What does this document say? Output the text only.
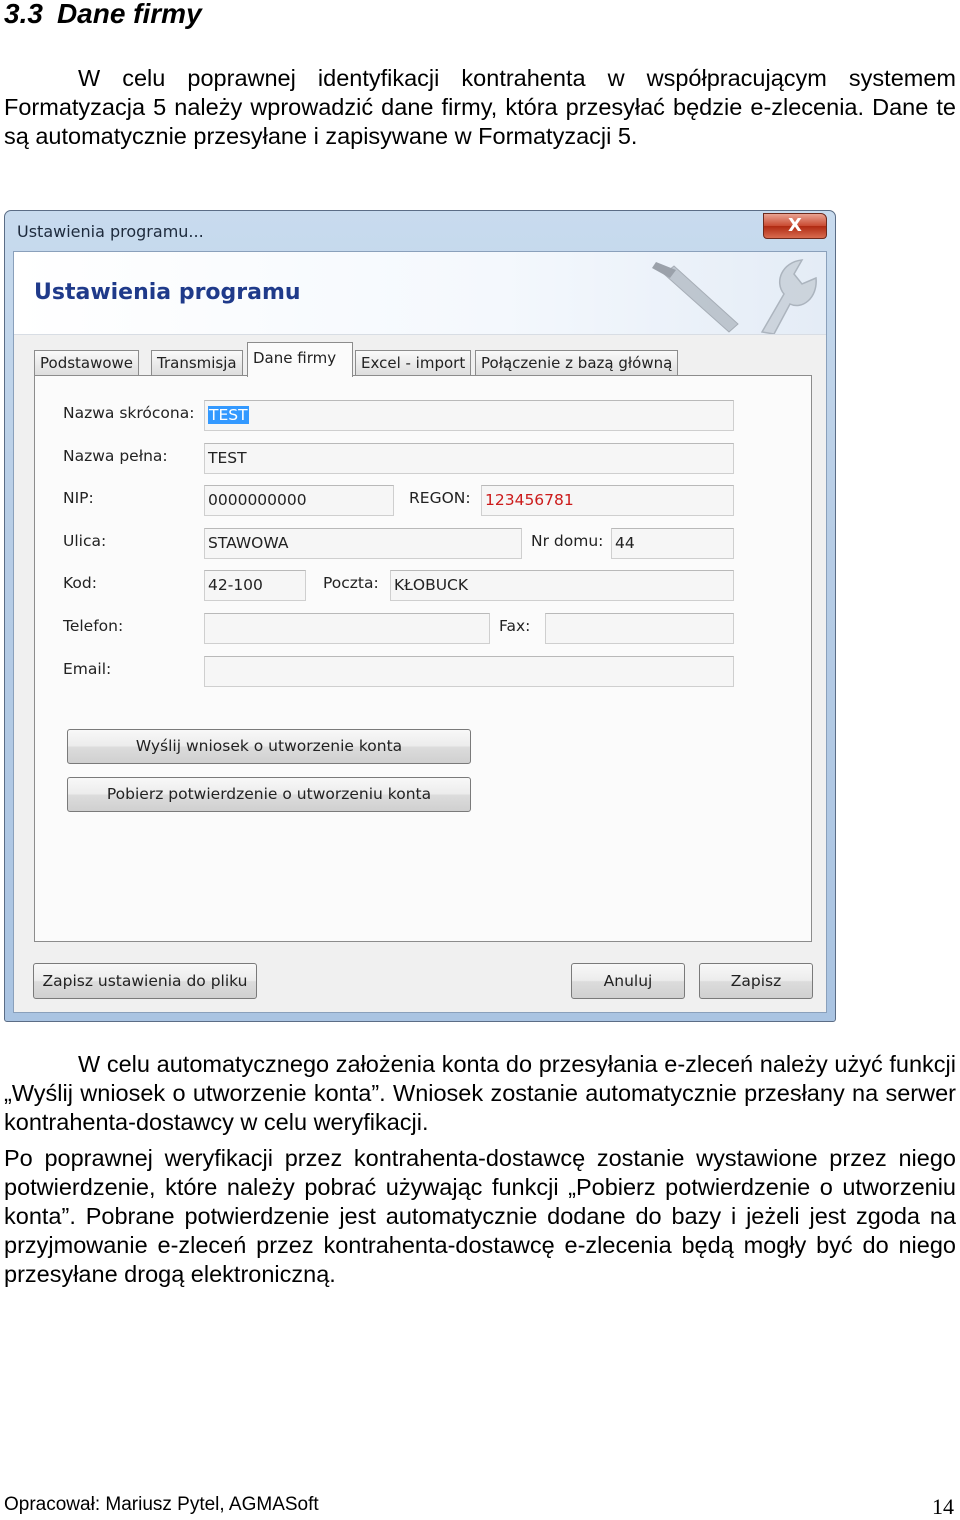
3.3 Dane firmy
W celu poprawnej identyfikacji kontrahenta w współpracującym systemem Formatyzacja 5 należy wprowadzić dane firmy, która przesyłać będzie e-zlecenia. Dane te są automatycznie przesyłane i zapisywane w Formatyzacji 5.
Ustawienia programu...	X
Ustawienia programu
Podstawowe	Transmisja	Dane firmy	Excel - import	Połączenie z bazą główną
Nazwa skrócona: TEST
Nazwa pełna:	TEST
NIP:	0000000000	REGON: 123456781
Ulica:	STAWOWA	Nr domu: 44
Kod:	42-100	Poczta: KŁOBUCK
Telefon:	Fax:
Email:
Wyślij wniosek o utworzenie konta
Pobierz potwierdzenie o utworzeniu konta
Zapisz ustawienia do pliku	Anuluj	Zapisz
W celu automatycznego założenia konta do przesyłania e-zleceń należy użyć funkcji „Wyślij wniosek o utworzenie konta”. Wniosek zostanie automatycznie przesłany na serwer kontrahenta-dostawcy w celu weryfikacji.
Po poprawnej weryfikacji przez kontrahenta-dostawcę zostanie wystawione przez niego potwierdzenie, które należy pobrać używając funkcji „Pobierz potwierdzenie o utworzeniu konta”. Pobrane potwierdzenie jest automatycznie dodane do bazy i jeżeli jest zgoda na przyjmowanie e-zleceń przez kontrahenta-dostawcę e-zlecenia będą mogły być do niego przesyłane drogą elektroniczną.
Opracował: Mariusz Pytel, AGMASoft	14
